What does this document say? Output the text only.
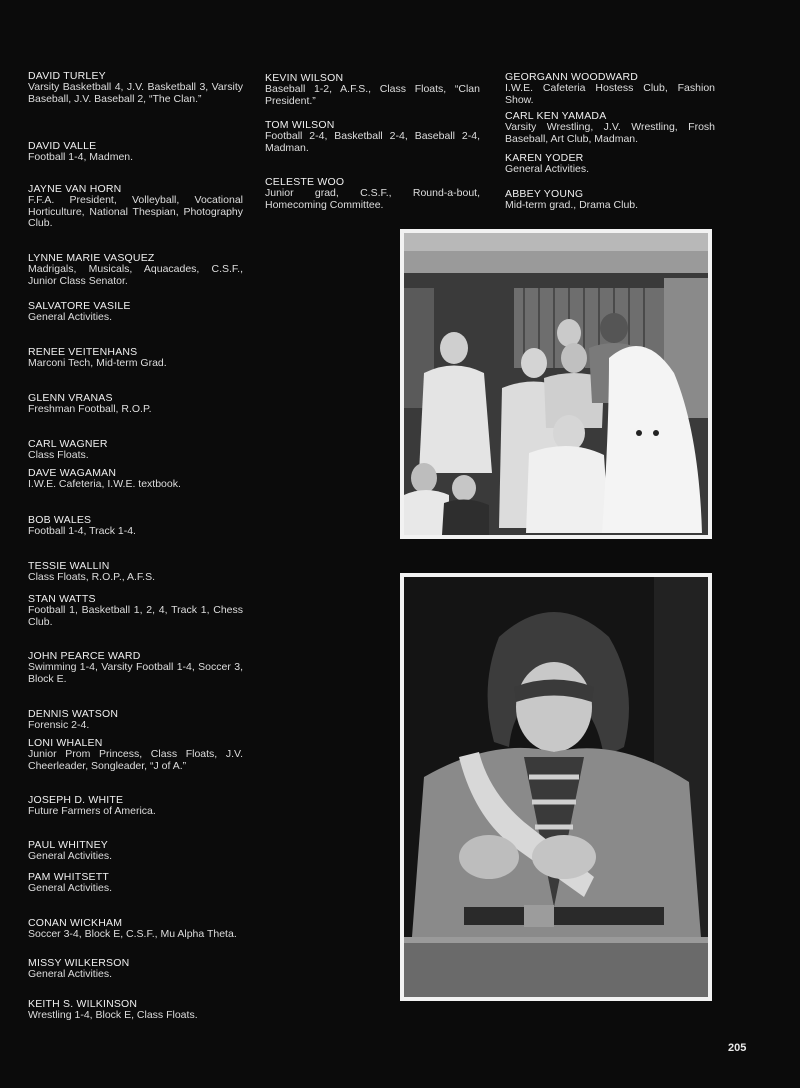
DAVID TURLEY
Varsity Basketball 4, J.V. Basketball 3, Varsity Baseball, J.V. Baseball 2, “The Clan.”
DAVID VALLE
Football 1-4, Madmen.
JAYNE VAN HORN
F.F.A. President, Volleyball, Vocational Horticulture, National Thespian, Photography Club.
LYNNE MARIE VASQUEZ
Madrigals, Musicals, Aquacades, C.S.F., Junior Class Senator.
SALVATORE VASILE
General Activities.
RENEE VEITENHANS
Marconi Tech, Mid-term Grad.
GLENN VRANAS
Freshman Football, R.O.P.
CARL WAGNER
Class Floats.
DAVE WAGAMAN
I.W.E. Cafeteria, I.W.E. textbook.
BOB WALES
Football 1-4, Track 1-4.
TESSIE WALLIN
Class Floats, R.O.P., A.F.S.
STAN WATTS
Football 1, Basketball 1, 2, 4, Track 1, Chess Club.
JOHN PEARCE WARD
Swimming 1-4, Varsity Football 1-4, Soccer 3, Block E.
DENNIS WATSON
Forensic 2-4.
LONI WHALEN
Junior Prom Princess, Class Floats, J.V. Cheerleader, Songleader, “J of A.”
JOSEPH D. WHITE
Future Farmers of America.
PAUL WHITNEY
General Activities.
PAM WHITSETT
General Activities.
CONAN WICKHAM
Soccer 3-4, Block E, C.S.F., Mu Alpha Theta.
MISSY WILKERSON
General Activities.
KEITH S. WILKINSON
Wrestling 1-4, Block E, Class Floats.
KEVIN WILSON
Baseball 1-2, A.F.S., Class Floats, “Clan President.”
TOM WILSON
Football 2-4, Basketball 2-4, Baseball 2-4, Madman.
CELESTE WOO
Junior grad, C.S.F., Round-a-bout, Homecoming Committee.
GEORGANN WOODWARD
I.W.E. Cafeteria Hostess Club, Fashion Show.
CARL KEN YAMADA
Varsity Wrestling, J.V. Wrestling, Frosh Baseball, Art Club, Madman.
KAREN YODER
General Activities.
ABBEY YOUNG
Mid-term grad., Drama Club.
205
